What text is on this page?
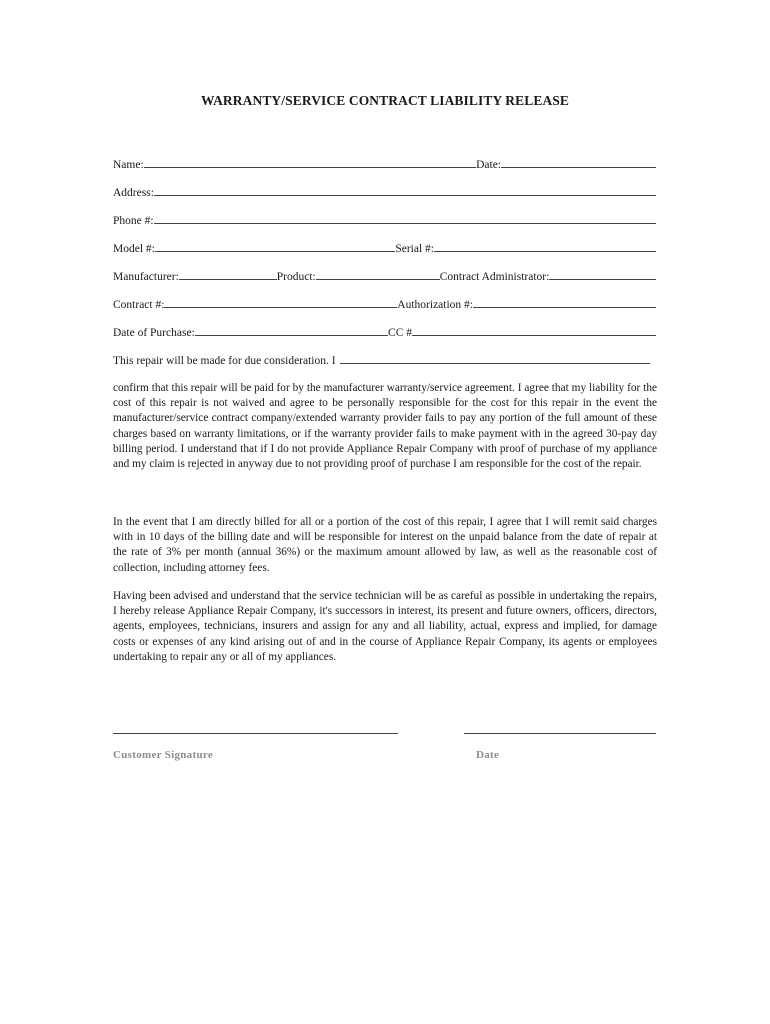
WARRANTY/SERVICE CONTRACT LIABILITY RELEASE
Name:	Date:
Address:
Phone #:
Model #:	Serial #:
Manufacturer:	Product:	Contract Administrator:
Contract #:	Authorization #:
Date of Purchase:	CC #
This repair will be made for due consideration. I

confirm that this repair will be paid for by the manufacturer warranty/service agreement. I agree that my liability for the cost of this repair is not waived and agree to be personally responsible for the cost for this repair in the event the manufacturer/service contract company/extended warranty provider fails to pay any portion of the full amount of these charges based on warranty limitations, or if the warranty provider fails to make payment with in the agreed 30-pay day billing period. I understand that if I do not provide Appliance Repair Company with proof of purchase of my appliance and my claim is rejected in anyway due to not providing proof of purchase I am responsible for the cost of the repair.

In the event that I am directly billed for all or a portion of the cost of this repair, I agree that I will remit said charges with in 10 days of the billing date and will be responsible for interest on the unpaid balance from the date of repair at the rate of 3% per month (annual 36%) or the maximum amount allowed by law, as well as the reasonable cost of collection, including attorney fees.

Having been advised and understand that the service technician will be as careful as possible in undertaking the repairs, I hereby release Appliance Repair Company, it's successors in interest, its present and future owners, officers, directors, agents, employees, technicians, insurers and assign for any and all liability, actual, express and implied, for damage costs or expenses of any kind arising out of and in the course of Appliance Repair Company, its agents or employees undertaking to repair any or all of my appliances.

Customer Signature	Date
